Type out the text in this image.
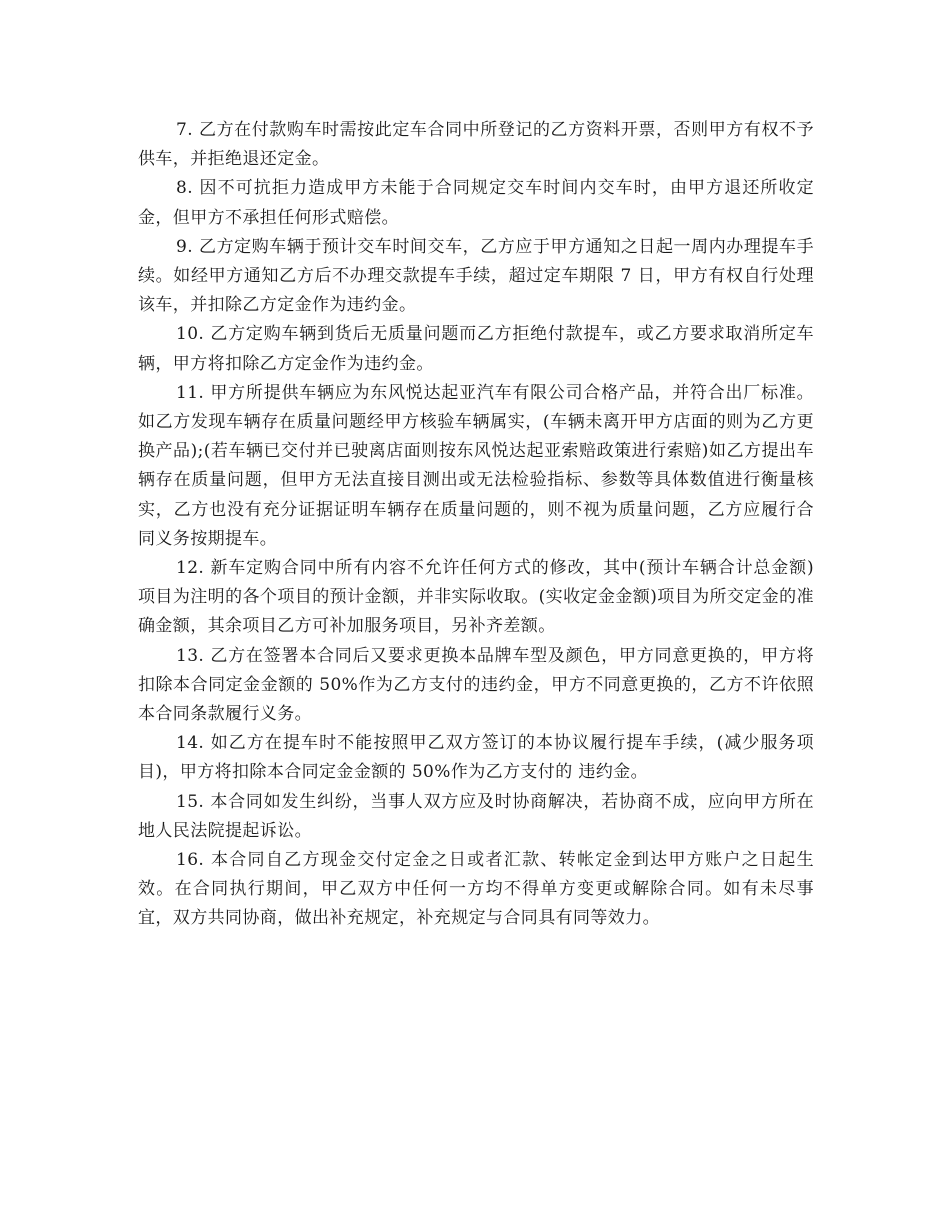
7. 乙方在付款购车时需按此定车合同中所登记的乙方资料开票，否则甲方有权不予供车，并拒绝退还定金。

8. 因不可抗拒力造成甲方未能于合同规定交车时间内交车时，由甲方退还所收定金，但甲方不承担任何形式赔偿。

9. 乙方定购车辆于预计交车时间交车，乙方应于甲方通知之日起一周内办理提车手续。如经甲方通知乙方后不办理交款提车手续，超过定车期限 7 日，甲方有权自行处理该车，并扣除乙方定金作为违约金。

10. 乙方定购车辆到货后无质量问题而乙方拒绝付款提车，或乙方要求取消所定车辆，甲方将扣除乙方定金作为违约金。

11. 甲方所提供车辆应为东风悦达起亚汽车有限公司合格产品，并符合出厂标准。如乙方发现车辆存在质量问题经甲方核验车辆属实，(车辆未离开甲方店面的则为乙方更换产品);(若车辆已交付并已驶离店面则按东风悦达起亚索赔政策进行索赔)如乙方提出车辆存在质量问题，但甲方无法直接目测出或无法检验指标、参数等具体数值进行衡量核实，乙方也没有充分证据证明车辆存在质量问题的，则不视为质量问题，乙方应履行合同义务按期提车。

12. 新车定购合同中所有内容不允许任何方式的修改，其中(预计车辆合计总金额)项目为注明的各个项目的预计金额，并非实际收取。(实收定金金额)项目为所交定金的准确金额，其余项目乙方可补加服务项目，另补齐差额。

13. 乙方在签署本合同后又要求更换本品牌车型及颜色，甲方同意更换的，甲方将扣除本合同定金金额的 50%作为乙方支付的违约金，甲方不同意更换的，乙方不许依照本合同条款履行义务。

14. 如乙方在提车时不能按照甲乙双方签订的本协议履行提车手续，(减少服务项目)，甲方将扣除本合同定金金额的 50%作为乙方支付的 违约金。

15. 本合同如发生纠纷，当事人双方应及时协商解决，若协商不成，应向甲方所在地人民法院提起诉讼。

16. 本合同自乙方现金交付定金之日或者汇款、转帐定金到达甲方账户之日起生效。在合同执行期间，甲乙双方中任何一方均不得单方变更或解除合同。如有未尽事宜，双方共同协商，做出补充规定，补充规定与合同具有同等效力。
